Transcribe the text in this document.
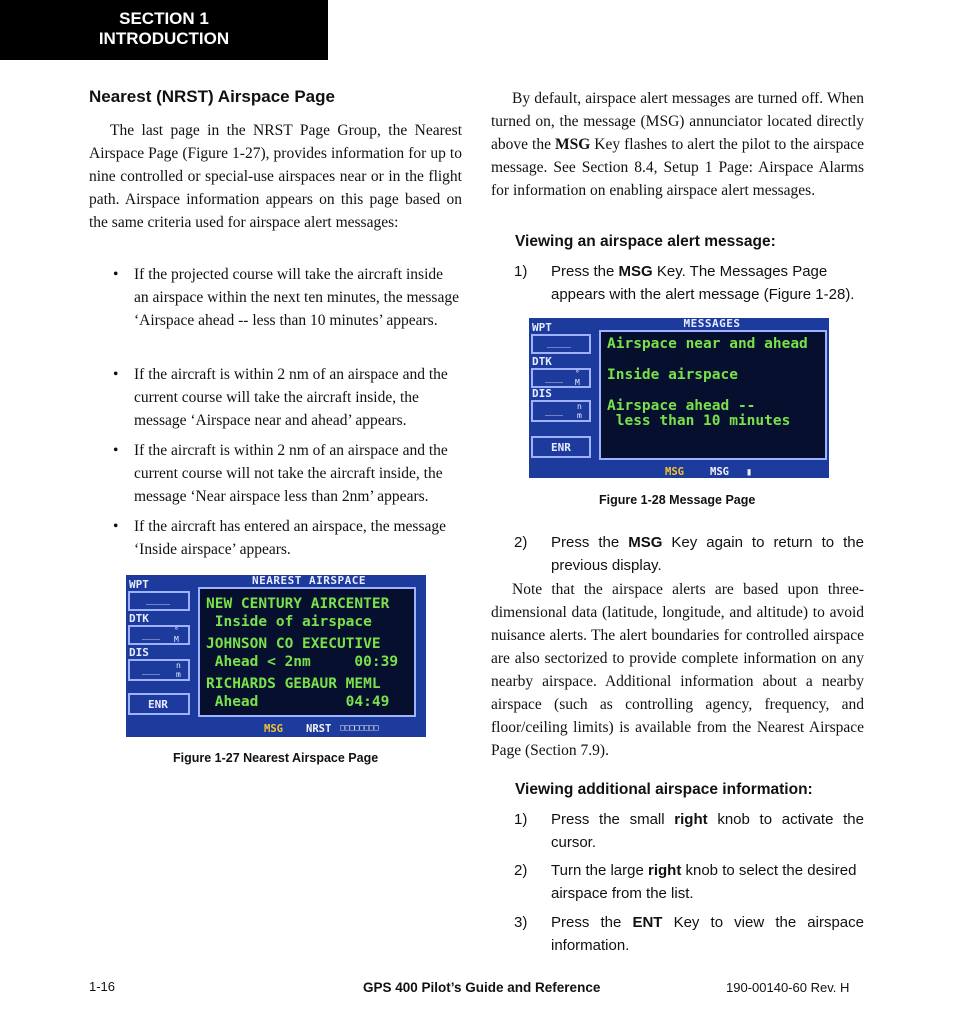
SECTION 1
INTRODUCTION
Nearest (NRST) Airspace Page
The last page in the NRST Page Group, the Nearest Airspace Page (Figure 1-27), provides information for up to nine controlled or special-use airspaces near or in the flight path. Airspace information appears on this page based on the same criteria used for airspace alert messages:
• If the projected course will take the aircraft inside an airspace within the next ten minutes, the message ‘Airspace ahead -- less than 10 minutes’ appears.
• If the aircraft is within 2 nm of an airspace and the current course will take the aircraft inside, the message ‘Airspace near and ahead’ appears.
• If the aircraft is within 2 nm of an airspace and the current course will not take the aircraft inside, the message ‘Near airspace less than 2nm’ appears.
• If the aircraft has entered an airspace, the message ‘Inside airspace’ appears.
NEAREST AIRSPACE
WPT
____
DTK
___ °M
DIS
___ nm
ENR
NEW CENTURY AIRCENTER
Inside of airspace
JOHNSON CO EXECUTIVE
Ahead < 2nm     00:39
RICHARDS GEBAUR MEML
Ahead          04:49
MSG NRST □□□□□□□□
Figure 1-27 Nearest Airspace Page
By default, airspace alert messages are turned off. When turned on, the message (MSG) annunciator located directly above the MSG Key flashes to alert the pilot to the airspace message. See Section 8.4, Setup 1 Page: Airspace Alarms for information on enabling airspace alert messages.
Viewing an airspace alert message:
1) Press the MSG Key. The Messages Page appears with the alert message (Figure 1-28).
MESSAGES
WPT
____
DTK
___ °M
DIS
___ nm
ENR
Airspace near and ahead
Inside airspace
Airspace ahead --
less than 10 minutes
MSG MSG ▮
Figure 1-28 Message Page
2) Press the MSG Key again to return to the previous display.
Note that the airspace alerts are based upon three-dimensional data (latitude, longitude, and altitude) to avoid nuisance alerts. The alert boundaries for controlled airspace are also sectorized to provide complete information on any nearby airspace. Additional information about a nearby airspace (such as controlling agency, frequency, and floor/ceiling limits) is available from the Nearest Airspace Page (Section 7.9).
Viewing additional airspace information:
1) Press the small right knob to activate the cursor.
2) Turn the large right knob to select the desired airspace from the list.
3) Press the ENT Key to view the airspace information.
1-16	GPS 400 Pilot’s Guide and Reference	190-00140-60 Rev. H
